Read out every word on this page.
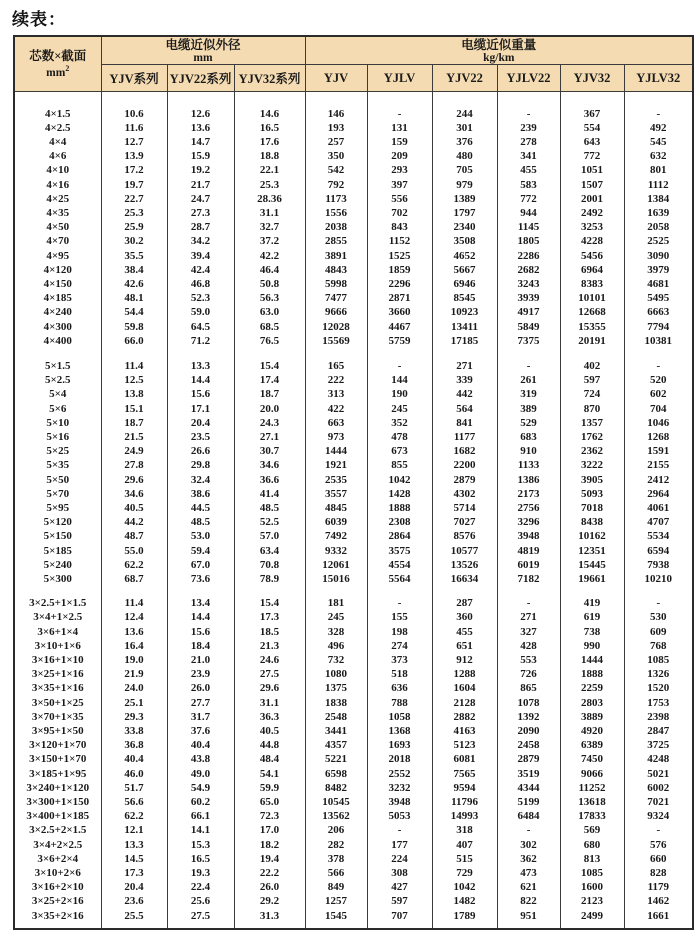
续表：
芯数×截面
$mm^2$	电缆近似外径
mm			电缆近似重量
kg/km					

	YJV系列	YJV22系列	YJV32系列	YJV	YJLV	YJV22	YJLV22	YJV32	YJLV32

4×1.5	10.6	12.6	14.6	146	-	244	-	367	-
4×2.5	11.6	13.6	16.5	193	131	301	239	554	492
4×4	12.7	14.7	17.6	257	159	376	278	643	545
4×6	13.9	15.9	18.8	350	209	480	341	772	632
4×10	17.2	19.2	22.1	542	293	705	455	1051	801
4×16	19.7	21.7	25.3	792	397	979	583	1507	1112
4×25	22.7	24.7	28.36	1173	556	1389	772	2001	1384
4×35	25.3	27.3	31.1	1556	702	1797	944	2492	1639
4×50	25.9	28.7	32.7	2038	843	2340	1145	3253	2058
4×70	30.2	34.2	37.2	2855	1152	3508	1805	4228	2525
4×95	35.5	39.4	42.2	3891	1525	4652	2286	5456	3090
4×120	38.4	42.4	46.4	4843	1859	5667	2682	6964	3979
4×150	42.6	46.8	50.8	5998	2296	6946	3243	8383	4681
4×185	48.1	52.3	56.3	7477	2871	8545	3939	10101	5495
4×240	54.4	59.0	63.0	9666	3660	10923	4917	12668	6663
4×300	59.8	64.5	68.5	12028	4467	13411	5849	15355	7794
4×400	66.0	71.2	76.5	15569	5759	17185	7375	20191	10381

5×1.5	11.4	13.3	15.4	165	-	271	-	402	-
5×2.5	12.5	14.4	17.4	222	144	339	261	597	520
5×4	13.8	15.6	18.7	313	190	442	319	724	602
5×6	15.1	17.1	20.0	422	245	564	389	870	704
5×10	18.7	20.4	24.3	663	352	841	529	1357	1046
5×16	21.5	23.5	27.1	973	478	1177	683	1762	1268
5×25	24.9	26.6	30.7	1444	673	1682	910	2362	1591
5×35	27.8	29.8	34.6	1921	855	2200	1133	3222	2155
5×50	29.6	32.4	36.6	2535	1042	2879	1386	3905	2412
5×70	34.6	38.6	41.4	3557	1428	4302	2173	5093	2964
5×95	40.5	44.5	48.5	4845	1888	5714	2756	7018	4061
5×120	44.2	48.5	52.5	6039	2308	7027	3296	8438	4707
5×150	48.7	53.0	57.0	7492	2864	8576	3948	10162	5534
5×185	55.0	59.4	63.4	9332	3575	10577	4819	12351	6594
5×240	62.2	67.0	70.8	12061	4554	13526	6019	15445	7938
5×300	68.7	73.6	78.9	15016	5564	16634	7182	19661	10210

3×2.5+1×1.5	11.4	13.4	15.4	181	-	287	-	419	-
3×4+1×2.5	12.4	14.4	17.3	245	155	360	271	619	530
3×6+1×4	13.6	15.6	18.5	328	198	455	327	738	609
3×10+1×6	16.4	18.4	21.3	496	274	651	428	990	768
3×16+1×10	19.0	21.0	24.6	732	373	912	553	1444	1085
3×25+1×16	21.9	23.9	27.5	1080	518	1288	726	1888	1326
3×35+1×16	24.0	26.0	29.6	1375	636	1604	865	2259	1520
3×50+1×25	25.1	27.7	31.1	1838	788	2128	1078	2803	1753
3×70+1×35	29.3	31.7	36.3	2548	1058	2882	1392	3889	2398
3×95+1×50	33.8	37.6	40.5	3441	1368	4163	2090	4920	2847
3×120+1×70	36.8	40.4	44.8	4357	1693	5123	2458	6389	3725
3×150+1×70	40.4	43.8	48.4	5221	2018	6081	2879	7450	4248
3×185+1×95	46.0	49.0	54.1	6598	2552	7565	3519	9066	5021
3×240+1×120	51.7	54.9	59.9	8482	3232	9594	4344	11252	6002
3×300+1×150	56.6	60.2	65.0	10545	3948	11796	5199	13618	7021
3×400+1×185	62.2	66.1	72.3	13562	5053	14993	6484	17833	9324
3×2.5+2×1.5	12.1	14.1	17.0	206	-	318	-	569	-
3×4+2×2.5	13.3	15.3	18.2	282	177	407	302	680	576
3×6+2×4	14.5	16.5	19.4	378	224	515	362	813	660
3×10+2×6	17.3	19.3	22.2	566	308	729	473	1085	828
3×16+2×10	20.4	22.4	26.0	849	427	1042	621	1600	1179
3×25+2×16	23.6	25.6	29.2	1257	597	1482	822	2123	1462
3×35+2×16	25.5	27.5	31.3	1545	707	1789	951	2499	1661
